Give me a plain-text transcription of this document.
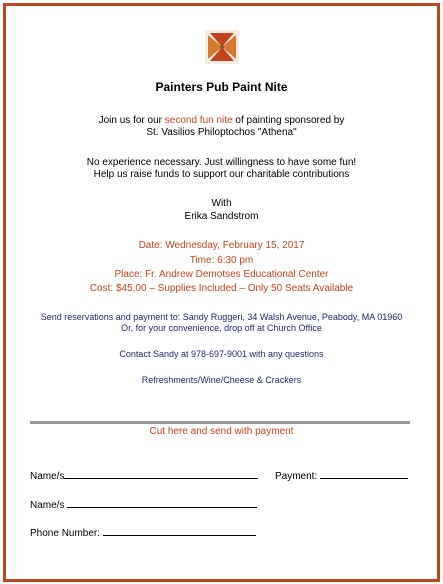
Painters Pub Paint Nite
Join us for our second fun nite of painting sponsored by
St. Vasilios Philoptochos "Athena"
No experience necessary. Just willingness to have some fun!
Help us raise funds to support our charitable contributions
With
Erika Sandstrom
Date: Wednesday, February 15, 2017
Time: 6:30 pm
Place: Fr. Andrew Demotses Educational Center
Cost: $45.00 – Supplies Included – Only 50 Seats Available
Send reservations and payment to: Sandy Ruggeri, 34 Walsh Avenue, Peabody, MA 01960
Or, for your convenience, drop off at Church Office
Contact Sandy at 978-697-9001 with any questions
Refreshments/Wine/Cheese & Crackers
Cut here and send with payment
Name/s	Payment:
Name/s
Phone Number:
